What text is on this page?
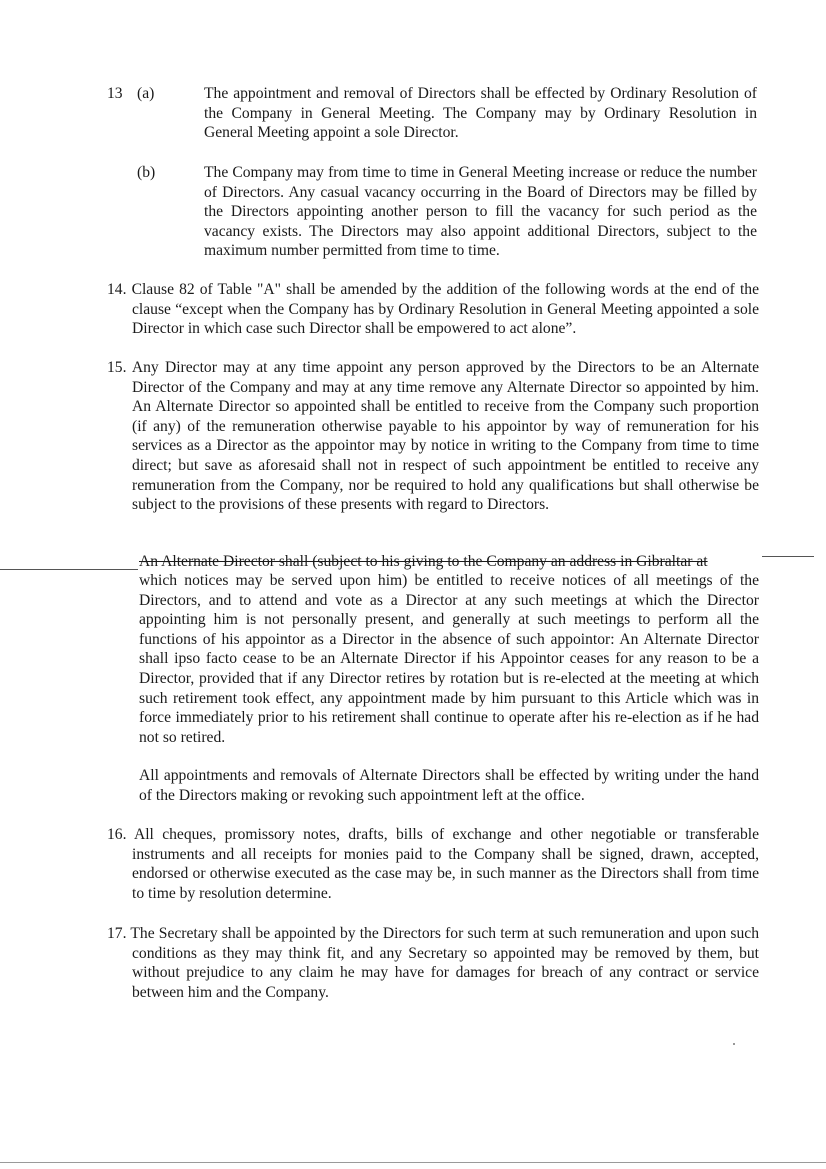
13 (a)	The appointment and removal of Directors shall be effected by Ordinary Resolution of the Company in General Meeting. The Company may by Ordinary Resolution in General Meeting appoint a sole Director.
(b)	The Company may from time to time in General Meeting increase or reduce the number of Directors. Any casual vacancy occurring in the Board of Directors may be filled by the Directors appointing another person to fill the vacancy for such period as the vacancy exists. The Directors may also appoint additional Directors, subject to the maximum number permitted from time to time.
14. Clause 82 of Table "A" shall be amended by the addition of the following words at the end of the clause “except when the Company has by Ordinary Resolution in General Meeting appointed a sole Director in which case such Director shall be empowered to act alone”.
15. Any Director may at any time appoint any person approved by the Directors to be an Alternate Director of the Company and may at any time remove any Alternate Director so appointed by him. An Alternate Director so appointed shall be entitled to receive from the Company such proportion (if any) of the remuneration otherwise payable to his appointor by way of remuneration for his services as a Director as the appointor may by notice in writing to the Company from time to time direct; but save as aforesaid shall not in respect of such appointment be entitled to receive any remuneration from the Company, nor be required to hold any qualifications but shall otherwise be subject to the provisions of these presents with regard to Directors.
An Alternate Director shall (subject to his giving to the Company an address in Gibraltar at
which notices may be served upon him) be entitled to receive notices of all meetings of the Directors, and to attend and vote as a Director at any such meetings at which the Director appointing him is not personally present, and generally at such meetings to perform all the functions of his appointor as a Director in the absence of such appointor: An Alternate Director shall ipso facto cease to be an Alternate Director if his Appointor ceases for any reason to be a Director, provided that if any Director retires by rotation but is re-elected at the meeting at which such retirement took effect, any appointment made by him pursuant to this Article which was in force immediately prior to his retirement shall continue to operate after his re-election as if he had not so retired.
All appointments and removals of Alternate Directors shall be effected by writing under the hand of the Directors making or revoking such appointment left at the office.
16. All cheques, promissory notes, drafts, bills of exchange and other negotiable or transferable instruments and all receipts for monies paid to the Company shall be signed, drawn, accepted, endorsed or otherwise executed as the case may be, in such manner as the Directors shall from time to time by resolution determine.
17. The Secretary shall be appointed by the Directors for such term at such remuneration and upon such conditions as they may think fit, and any Secretary so appointed may be removed by them, but without prejudice to any claim he may have for damages for breach of any contract or service between him and the Company.
